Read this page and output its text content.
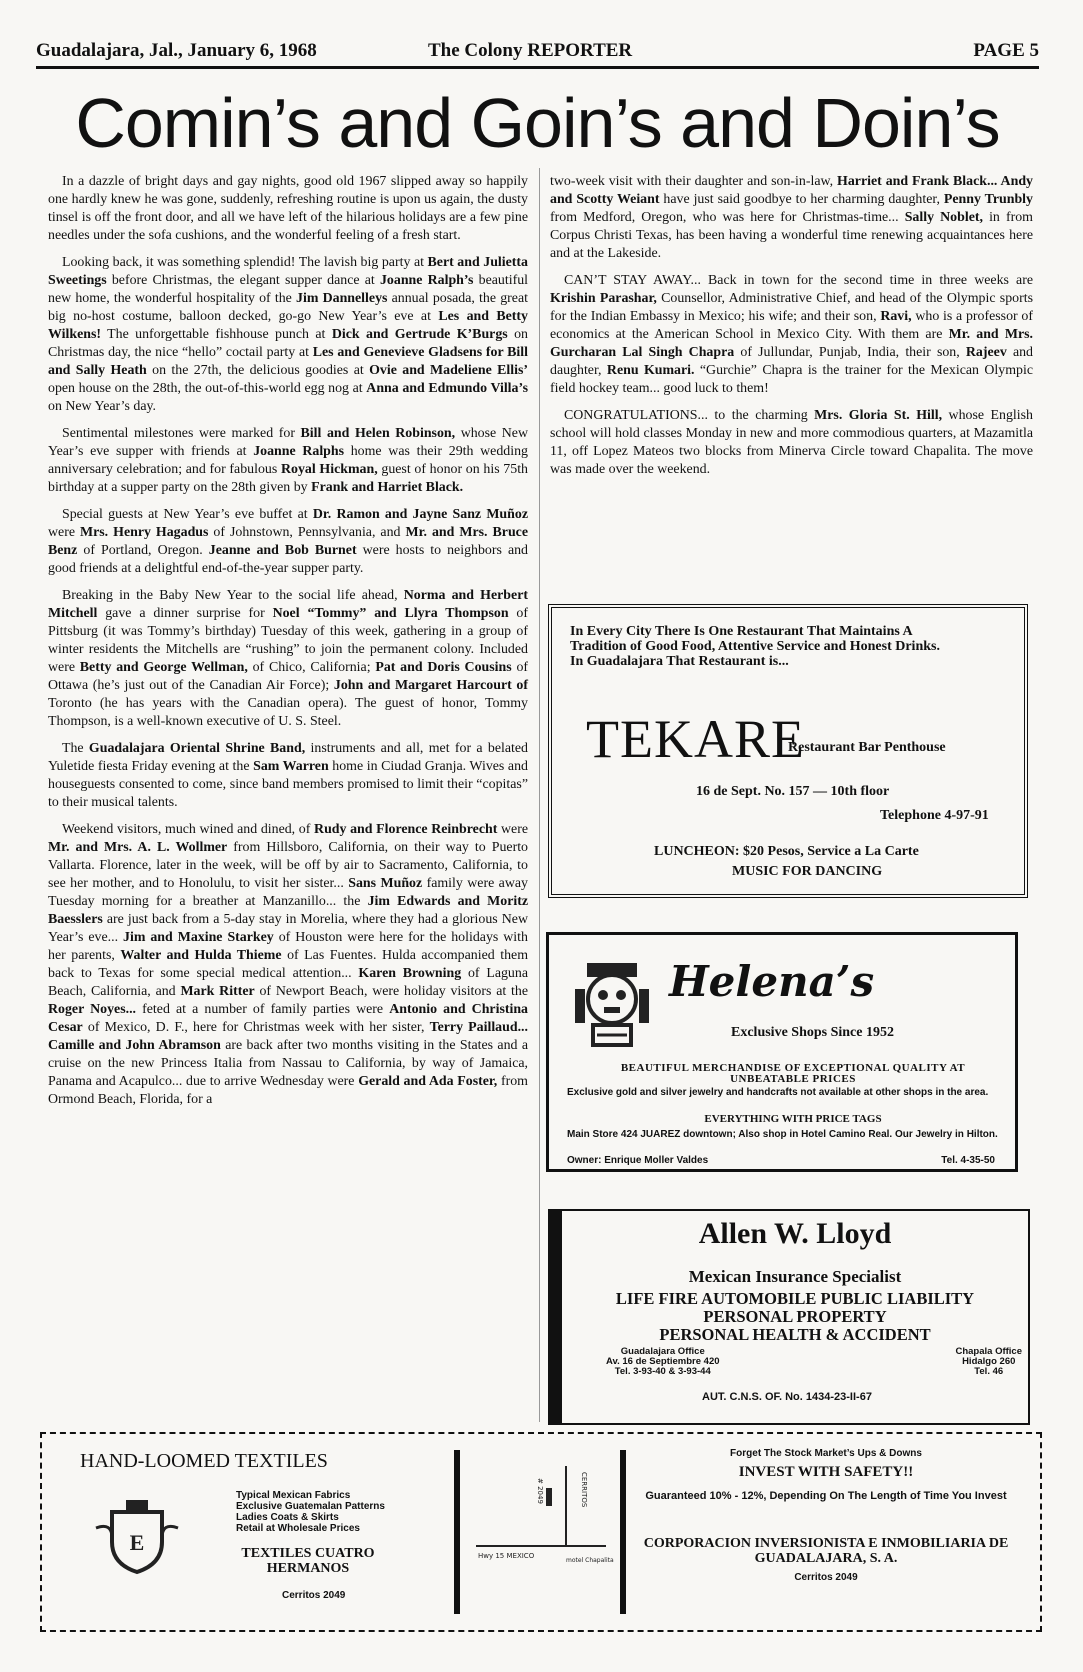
Guadalajara, Jal., January 6, 1968	The Colony REPORTER	PAGE 5
Comin’s and Goin’s and Doin’s

In a dazzle of bright days and gay nights, good old 1967 slipped away so happily one hardly knew he was gone, suddenly, refreshing routine is upon us again, the dusty tinsel is off the front door, and all we have left of the hilarious holidays are a few pine needles under the sofa cushions, and the wonderful feeling of a fresh start.

Looking back, it was something splendid! The lavish big party at Bert and Julietta Sweetings before Christmas, the elegant supper dance at Joanne Ralph’s beautiful new home, the wonderful hospitality of the Jim Dannelleys annual posada, the great big no-host costume, balloon decked, go-go New Year’s eve at Les and Betty Wilkens! The unforgettable fishhouse punch at Dick and Gertrude K’Burgs on Christmas day, the nice “hello” coctail party at Les and Genevieve Gladsens for Bill and Sally Heath on the 27th, the delicious goodies at Ovie and Madeliene Ellis’ open house on the 28th, the out-of-this-world egg nog at Anna and Edmundo Villa’s on New Year’s day.

Sentimental milestones were marked for Bill and Helen Robinson, whose New Year’s eve supper with friends at Joanne Ralphs home was their 29th wedding anniversary celebration; and for fabulous Royal Hickman, guest of honor on his 75th birthday at a supper party on the 28th given by Frank and Harriet Black.

Special guests at New Year’s eve buffet at Dr. Ramon and Jayne Sanz Muñoz were Mrs. Henry Hagadus of Johnstown, Pennsylvania, and Mr. and Mrs. Bruce Benz of Portland, Oregon. Jeanne and Bob Burnet were hosts to neighbors and good friends at a delightful end-of-the-year supper party.

Breaking in the Baby New Year to the social life ahead, Norma and Herbert Mitchell gave a dinner surprise for Noel “Tommy” and Llyra Thompson of Pittsburg (it was Tommy’s birthday) Tuesday of this week, gathering in a group of winter residents the Mitchells are “rushing” to join the permanent colony. Included were Betty and George Wellman, of Chico, California; Pat and Doris Cousins of Ottawa (he’s just out of the Canadian Air Force); John and Margaret Harcourt of Toronto (he has years with the Canadian opera). The guest of honor, Tommy Thompson, is a well-known executive of U. S. Steel.

The Guadalajara Oriental Shrine Band, instruments and all, met for a belated Yuletide fiesta Friday evening at the Sam Warren home in Ciudad Granja. Wives and houseguests consented to come, since band members promised to limit their “copitas” to their musical talents.

Weekend visitors, much wined and dined, of Rudy and Florence Reinbrecht were Mr. and Mrs. A. L. Wollmer from Hillsboro, California, on their way to Puerto Vallarta. Florence, later in the week, will be off by air to Sacramento, California, to see her mother, and to Honolulu, to visit her sister... Sans Muñoz family were away Tuesday morning for a breather at Manzanillo... the Jim Edwards and Moritz Baesslers are just back from a 5-day stay in Morelia, where they had a glorious New Year’s eve... Jim and Maxine Starkey of Houston were here for the holidays with her parents, Walter and Hulda Thieme of Las Fuentes. Hulda accompanied them back to Texas for some special medical attention... Karen Browning of Laguna Beach, California, and Mark Ritter of Newport Beach, were holiday visitors at the Roger Noyes... feted at a number of family parties were Antonio and Christina Cesar of Mexico, D. F., here for Christmas week with her sister, Terry Paillaud... Camille and John Abramson are back after two months visiting in the States and a cruise on the new Princess Italia from Nassau to California, by way of Jamaica, Panama and Acapulco... due to arrive Wednesday were Gerald and Ada Foster, from Ormond Beach, Florida, for a

two-week visit with their daughter and son-in-law, Harriet and Frank Black... Andy and Scotty Weiant have just said goodbye to her charming daughter, Penny Trunbly from Medford, Oregon, who was here for Christmas-time... Sally Noblet, in from Corpus Christi Texas, has been having a wonderful time renewing acquaintances here and at the Lakeside.

CAN’T STAY AWAY... Back in town for the second time in three weeks are Krishin Parashar, Counsellor, Administrative Chief, and head of the Olympic sports for the Indian Embassy in Mexico; his wife; and their son, Ravi, who is a professor of economics at the American School in Mexico City. With them are Mr. and Mrs. Gurcharan Lal Singh Chapra of Jullundar, Punjab, India, their son, Rajeev and daughter, Renu Kumari. “Gurchie” Chapra is the trainer for the Mexican Olympic field hockey team... good luck to them!

CONGRATULATIONS... to the charming Mrs. Gloria St. Hill, whose English school will hold classes Monday in new and more commodious quarters, at Mazamitla 11, off Lopez Mateos two blocks from Minerva Circle toward Chapalita. The move was made over the weekend.

In Every City There Is One Restaurant That Maintains A Tradition of Good Food, Attentive Service and Honest Drinks. In Guadalajara That Restaurant is...
TEKARE
Restaurant Bar Penthouse
16 de Sept. No. 157 — 10th floor
Telephone 4-97-91
LUNCHEON: $20 Pesos, Service a La Carte
MUSIC FOR DANCING
Helena’s
Exclusive Shops Since 1952
BEAUTIFUL MERCHANDISE OF EXCEPTIONAL QUALITY AT UNBEATABLE PRICES
Exclusive gold and silver jewelry and handcrafts not available at other shops in the area.
EVERYTHING WITH PRICE TAGS
Main Store 424 JUAREZ downtown; Also shop in Hotel Camino Real. Our Jewelry in Hilton.
Owner: Enrique Moller Valdes	Tel. 4-35-50
Allen W. Lloyd
Mexican Insurance Specialist
LIFE FIRE AUTOMOBILE PUBLIC LIABILITY
PERSONAL PROPERTY
PERSONAL HEALTH & ACCIDENT
Guadalajara Office
Av. 16 de Septiembre 420
Tel. 3-93-40 & 3-93-44
Chapala Office
Hidalgo 260
Tel. 46
AUT. C.N.S. OF. No. 1434-23-II-67
HAND-LOOMED TEXTILES
E
Typical Mexican Fabrics
Exclusive Guatemalan Patterns
Ladies Coats & Skirts
Retail at Wholesale Prices
TEXTILES CUATRO HERMANOS
Cerritos 2049
CERRITOS
# 2049
Hwy 15 MEXICO
motel Chapalita
Forget The Stock Market’s Ups & Downs
INVEST WITH SAFETY!!
Guaranteed 10% - 12%, Depending On The Length of Time You Invest
CORPORACION INVERSIONISTA E INMOBILIARIA DE GUADALAJARA, S. A.
Cerritos 2049
